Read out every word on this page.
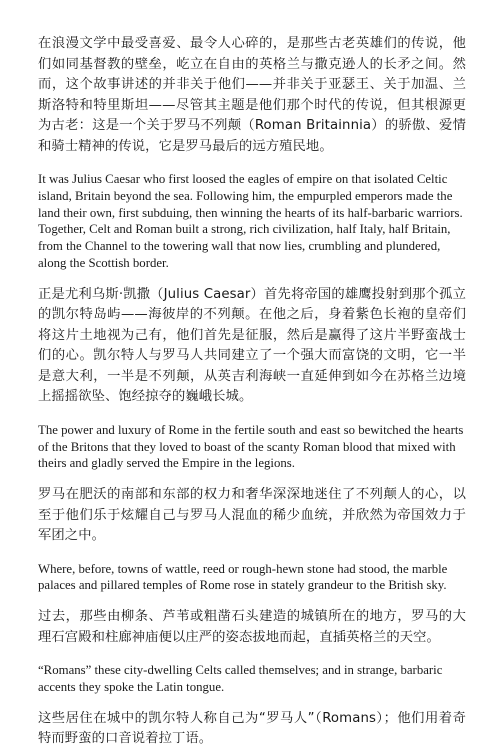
在浪漫文学中最受喜爱、最令人心碎的，是那些古老英雄们的传说，他们如同基督教的壁垒，屹立在自由的英格兰与撒克逊人的长矛之间。然而，这个故事讲述的并非关于他们——并非关于亚瑟王、关于加温、兰斯洛特和特里斯坦——尽管其主题是他们那个时代的传说，但其根源更为古老：这是一个关于罗马不列颠（Roman Britainnia）的骄傲、爱情和骑士精神的传说，它是罗马最后的远方殖民地。

It was Julius Caesar who first loosed the eagles of empire on that isolated Celtic island, Britain beyond the sea. Following him, the empurpled emperors made the land their own, first subduing, then winning the hearts of its half-barbaric warriors. Together, Celt and Roman built a strong, rich civilization, half Italy, half Britain, from the Channel to the towering wall that now lies, crumbling and plundered, along the Scottish border.

正是尤利乌斯·凯撒（Julius Caesar）首先将帝国的雄鹰投射到那个孤立的凯尔特岛屿——海彼岸的不列颠。在他之后，身着紫色长袍的皇帝们将这片土地视为己有，他们首先是征服，然后是赢得了这片半野蛮战士们的心。凯尔特人与罗马人共同建立了一个强大而富饶的文明，它一半是意大利，一半是不列颠，从英吉利海峡一直延伸到如今在苏格兰边境上摇摇欲坠、饱经掠夺的巍峨长城。

The power and luxury of Rome in the fertile south and east so bewitched the hearts of the Britons that they loved to boast of the scanty Roman blood that mixed with theirs and gladly served the Empire in the legions.

罗马在肥沃的南部和东部的权力和奢华深深地迷住了不列颠人的心，以至于他们乐于炫耀自己与罗马人混血的稀少血统，并欣然为帝国效力于军团之中。

Where, before, towns of wattle, reed or rough-hewn stone had stood, the marble palaces and pillared temples of Rome rose in stately grandeur to the British sky.

过去，那些由柳条、芦苇或粗凿石头建造的城镇所在的地方，罗马的大理石宫殿和柱廊神庙便以庄严的姿态拔地而起，直插英格兰的天空。

“Romans” these city-dwelling Celts called themselves; and in strange, barbaric accents they spoke the Latin tongue.

这些居住在城中的凯尔特人称自己为“罗马人”（Romans）；他们用着奇特而野蛮的口音说着拉丁语。
